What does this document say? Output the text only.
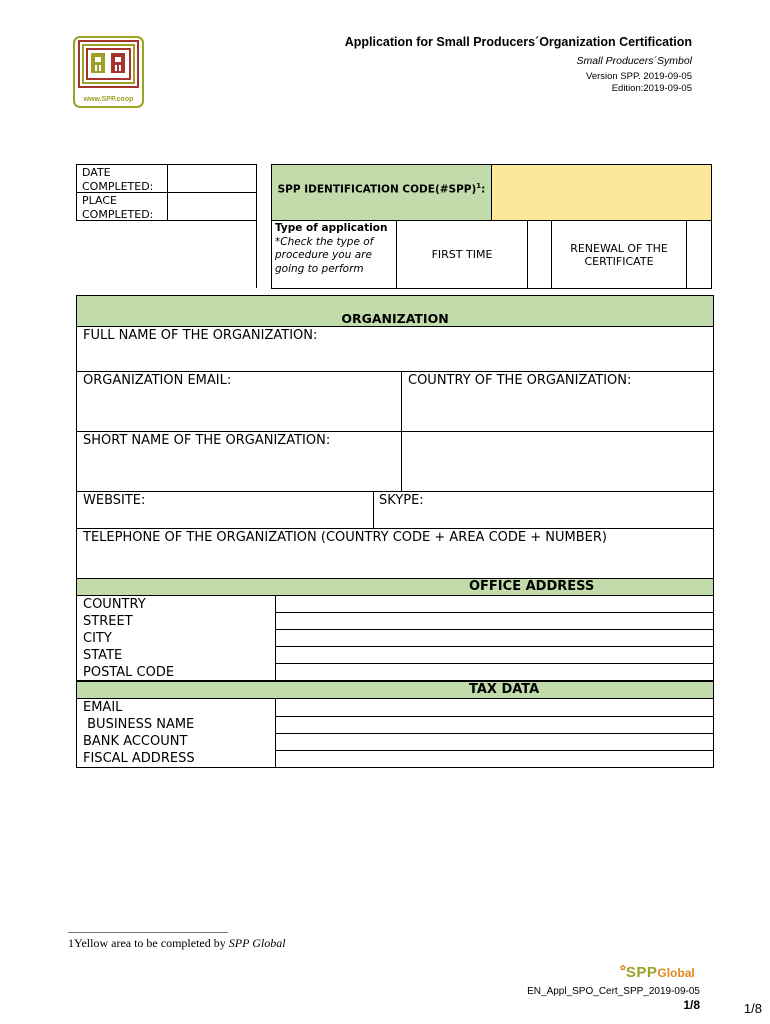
www.SPP.coop
Application for Small Producers´Organization Certification
Small Producers´Symbol
Version SPP. 2019-09-05
Edition:2019-09-05
DATE COMPLETED:
PLACE COMPLETED:
SPP IDENTIFICATION CODE(#SPP)$^1$:
Type of application
*Check the type of procedure you are going to perform
FIRST TIME	RENEWAL OF THE CERTIFICATE
ORGANIZATION
FULL NAME OF THE ORGANIZATION:
ORGANIZATION EMAIL:	COUNTRY OF THE ORGANIZATION:
SHORT NAME OF THE ORGANIZATION:
WEBSITE:	SKYPE:
TELEPHONE OF THE ORGANIZATION (COUNTRY CODE + AREA CODE + NUMBER)
OFFICE ADDRESS
COUNTRY
STREET
CITY
STATE
POSTAL CODE
TAX DATA
EMAIL
BUSINESS NAME
BANK ACCOUNT
FISCAL ADDRESS
1Yellow area to be completed by SPP Global
✿SPPGlobal
EN_Appl_SPO_Cert_SPP_2019-09-05
1/8	1/8
